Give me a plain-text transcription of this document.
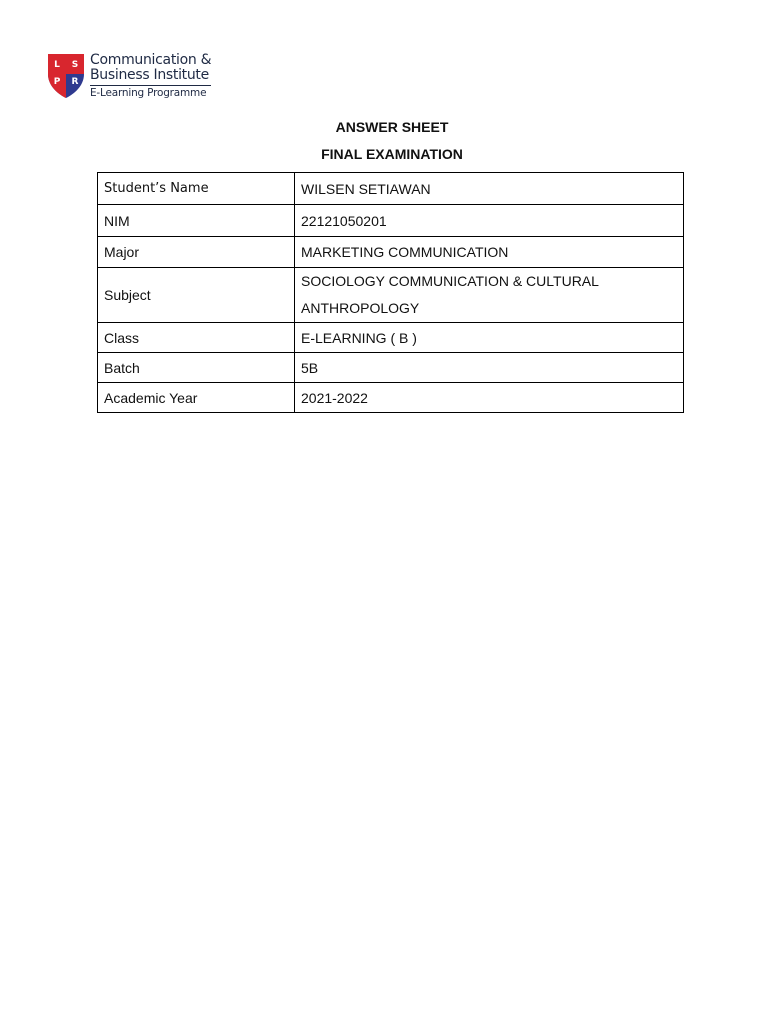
L S
P R
Communication &
Business Institute
E-Learning Programme
ANSWER SHEET
FINAL EXAMINATION
Student’s Name	WILSEN SETIAWAN
NIM	22121050201
Major	MARKETING COMMUNICATION
Subject	SOCIOLOGY COMMUNICATION & CULTURAL ANTHROPOLOGY
Class	E-LEARNING ( B )
Batch	5B
Academic Year	2021-2022
